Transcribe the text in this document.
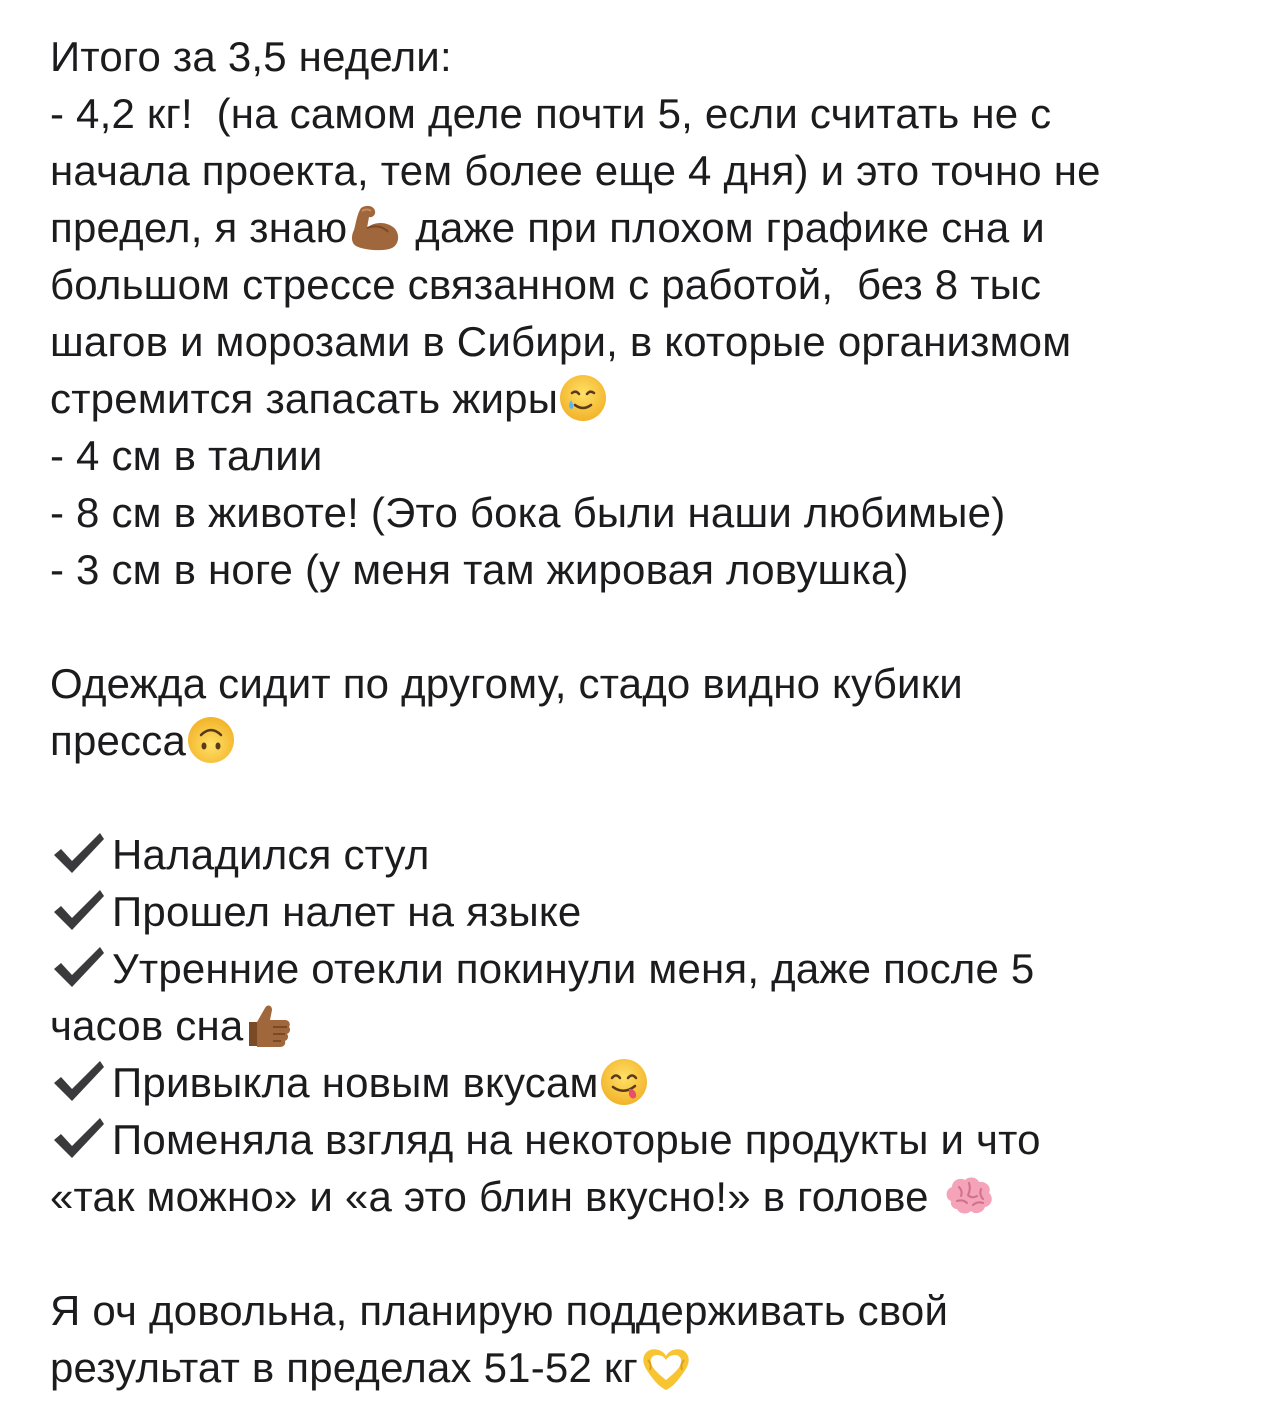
Итого за 3,5 недели:
- 4,2 кг!  (на самом деле почти 5, если считать не с
начала проекта, тем более еще 4 дня) и это точно не
предел, я знаю даже при плохом графике сна и
большом стрессе связанном с работой,  без 8 тыс
шагов и морозами в Сибири, в которые организмом
стремится запасать жиры
- 4 см в талии
- 8 см в животе! (Это бока были наши любимые)
- 3 см в ноге (у меня там жировая ловушка)
Одежда сидит по другому, стадо видно кубики
пресса
Наладился стул
Прошел налет на языке
Утренние отекли покинули меня, даже после 5
часов сна
Привыкла новым вкусам
Поменяла взгляд на некоторые продукты и что
«так можно» и «а это блин вкусно!» в голове
Я оч довольна, планирую поддерживать свой
результат в пределах 51-52 кг
